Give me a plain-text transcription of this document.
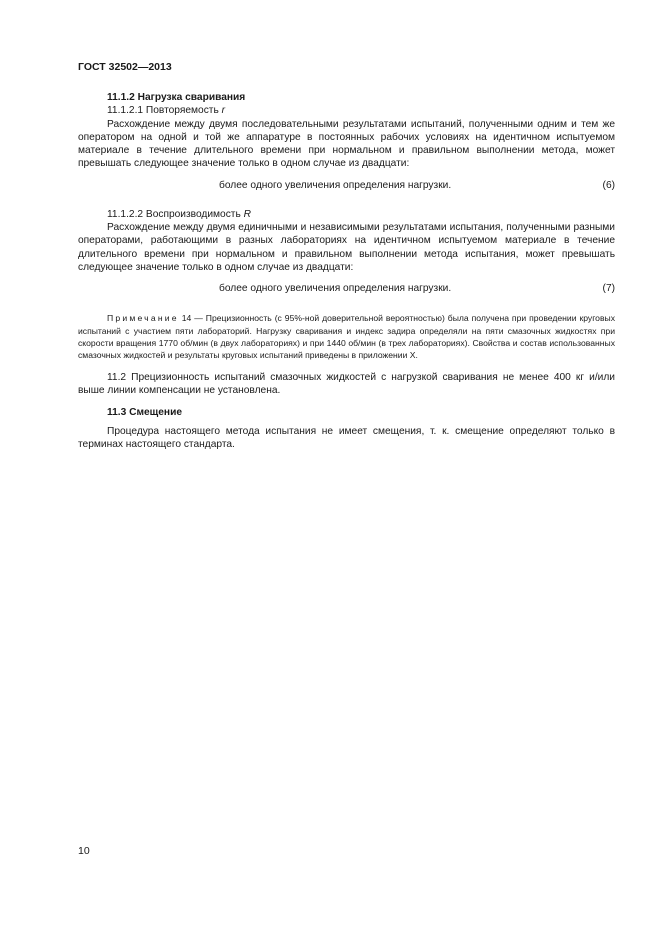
ГОСТ 32502—2013

11.1.2 Нагрузка сваривания

11.1.2.1 Повторяемость r

Расхождение между двумя последовательными результатами испытаний, полученными одним и тем же оператором на одной и той же аппаратуре в постоянных рабочих условиях на идентичном испытуемом материале в течение длительного времени при нормальном и правильном выполнении метода, может превышать следующее значение только в одном случае из двадцати:

более одного увеличения определения нагрузки.	(6)

11.1.2.2 Воспроизводимость R

Расхождение между двумя единичными и независимыми результатами испытания, полученными разными операторами, работающими в разных лабораториях на идентичном испытуемом материале в течение длительного времени при нормальном и правильном выполнении метода испытания, может превышать следующее значение только в одном случае из двадцати:

более одного увеличения определения нагрузки.	(7)

Примечание 14 — Прецизионность (с 95%-ной доверительной вероятностью) была получена при проведении круговых испытаний с участием пяти лабораторий. Нагрузку сваривания и индекс задира определяли на пяти смазочных жидкостях при скорости вращения 1770 об/мин (в двух лабораториях) и при 1440 об/мин (в трех лабораториях). Свойства и состав использованных смазочных жидкостей и результаты круговых испытаний приведены в приложении X.

11.2 Прецизионность испытаний смазочных жидкостей с нагрузкой сваривания не менее 400 кг и/или выше линии компенсации не установлена.

11.3 Смещение

Процедура настоящего метода испытания не имеет смещения, т. к. смещение определяют только в терминах настоящего стандарта.

10
